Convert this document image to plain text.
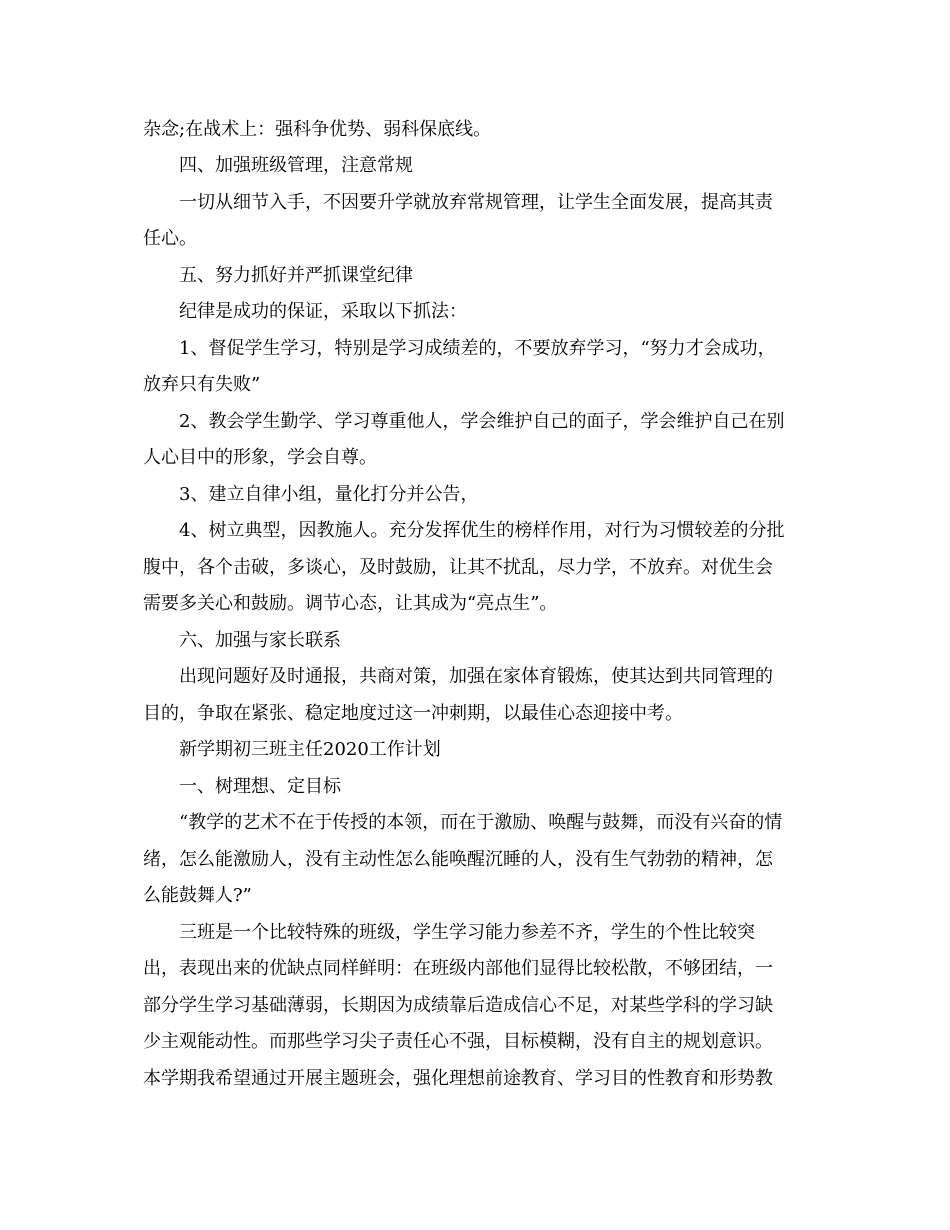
杂念;在战术上：强科争优势、弱科保底线。
四、加强班级管理，注意常规
一切从细节入手，不因要升学就放弃常规管理，让学生全面发展，提高其责
任心。
五、努力抓好并严抓课堂纪律
纪律是成功的保证，采取以下抓法：
1、督促学生学习，特别是学习成绩差的，不要放弃学习，“努力才会成功，
放弃只有失败”
2、教会学生勤学、学习尊重他人，学会维护自己的面子，学会维护自己在别
人心目中的形象，学会自尊。
3、建立自律小组，量化打分并公告，
4、树立典型，因教施人。充分发挥优生的榜样作用，对行为习惯较差的分批
腹中，各个击破，多谈心，及时鼓励，让其不扰乱，尽力学，不放弃。对优生会
需要多关心和鼓励。调节心态，让其成为“亮点生”。
六、加强与家长联系
出现问题好及时通报，共商对策，加强在家体育锻炼，使其达到共同管理的
目的，争取在紧张、稳定地度过这一冲刺期，以最佳心态迎接中考。
新学期初三班主任2020工作计划
一、树理想、定目标
“教学的艺术不在于传授的本领，而在于激励、唤醒与鼓舞，而没有兴奋的情
绪，怎么能激励人，没有主动性怎么能唤醒沉睡的人，没有生气勃勃的精神，怎
么能鼓舞人?”
三班是一个比较特殊的班级，学生学习能力参差不齐，学生的个性比较突
出，表现出来的优缺点同样鲜明：在班级内部他们显得比较松散，不够团结，一
部分学生学习基础薄弱，长期因为成绩靠后造成信心不足，对某些学科的学习缺
少主观能动性。而那些学习尖子责任心不强，目标模糊，没有自主的规划意识。
本学期我希望通过开展主题班会，强化理想前途教育、学习目的性教育和形势教
